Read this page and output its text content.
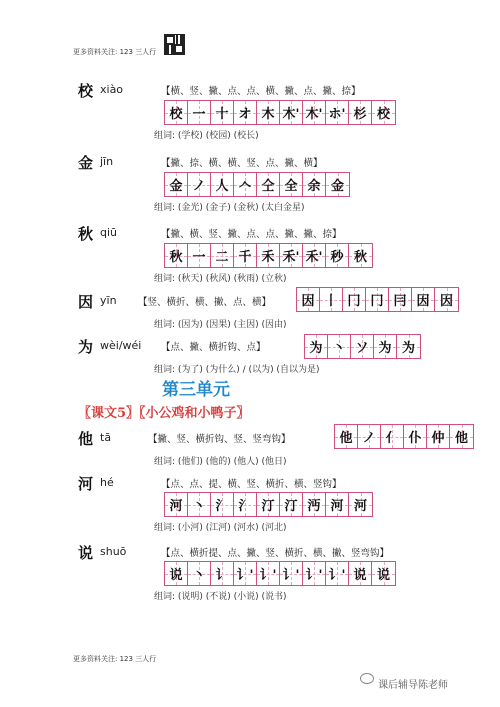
更多资料关注: 123 三人行
校 xiào	【横、竖、撇、点、点、横、撇、点、撇、捺】
校 一 十 オ 木 木' 木' ホ' 杉 校
组词: (学校) (校园) (校长)
金 jīn	【撇、捺、横、横、竖、点、撇、横】
金 ノ 人 𠆢 仝 全 余 金
组词: (金光) (金子) (金秋) (太白金星)
秋 qiū	【撇、横、竖、撇、点、点、撇、撇、捺】
秋 一 二 千 禾 禾' 禾' 秒 秋
组词: (秋天) (秋风) (秋雨) (立秋)
因 yīn 【竖、横折、横、撇、点、横】 因 丨 冂 冂 冃 因 因
组词: (因为) (因果) (主因) (因由)
为 wèi/wéi 【点、撇、横折钩、点】	为 丶 ソ 为 为
组词: (为了) (为什么) / (以为) (自以为是)
第三单元
〖课文5〗〖小公鸡和小鸭子〗
他 tā	【撇、竖、横折钩、竖、竖弯钩】	他 ノ 亻 仆 仲 他
组词: (他们) (他的) (他人) (他日)
河 hé	【点、点、提、横、竖、横折、横、竖钩】
河 丶 氵 氵 汀 汀 沔 河 河
组词: (小河) (江河) (河水) (河北)
说 shuō	【点、横折提、点、撇、竖、横折、横、撇、竖弯钩】
说 丶 讠 讠' 讠' 讠' 讠' 讠' 说 说
组词: (说明) (不说) (小说) (说书)
更多资料关注: 123 三人行
课后辅导陈老师
